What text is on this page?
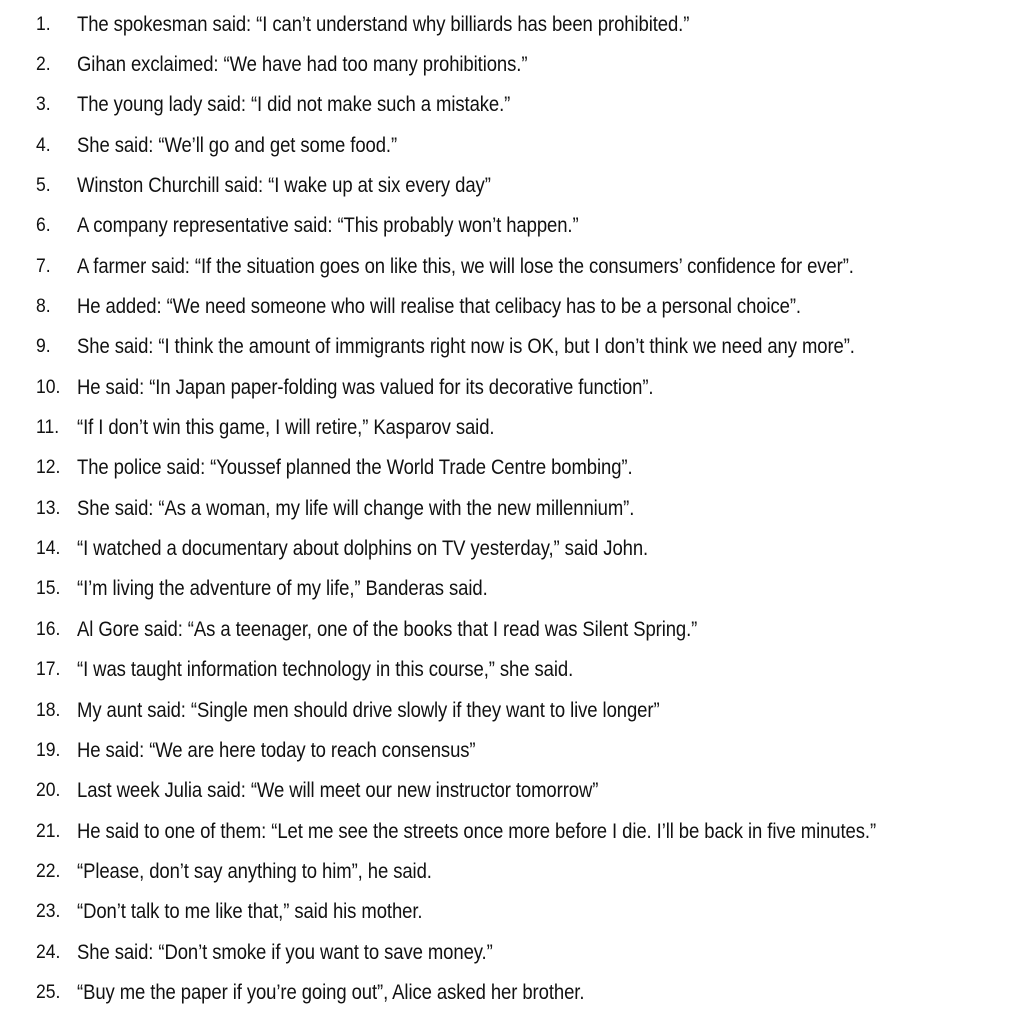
1.	The spokesman said: “I can’t understand why billiards has been prohibited.”
2.	Gihan exclaimed: “We have had too many prohibitions.”
3.	The young lady said: “I did not make such a mistake.”
4.	She said: “We’ll go and get some food.”
5.	Winston Churchill said: “I wake up at six every day”
6.	A company representative said: “This probably won’t happen.”
7.	A farmer said: “If the situation goes on like this, we will lose the consumers’ confidence for ever”.
8.	He added: “We need someone who will realise that celibacy has to be a personal choice”.
9.	She said: “I think the amount of immigrants right now is OK, but I don’t think we need any more”.
10. He said: “In Japan paper-folding was valued for its decorative function”.
11. “If I don’t win this game, I will retire,” Kasparov said.
12. The police said: “Youssef planned the World Trade Centre bombing”.
13. She said: “As a woman, my life will change with the new millennium”.
14. “I watched a documentary about dolphins on TV yesterday,” said John.
15. “I’m living the adventure of my life,” Banderas said.
16. Al Gore said: “As a teenager, one of the books that I read was Silent Spring.”
17. “I was taught information technology in this course,” she said.
18. My aunt said: “Single men should drive slowly if they want to live longer”
19. He said: “We are here today to reach consensus”
20. Last week Julia said: “We will meet our new instructor tomorrow”
21. He said to one of them: “Let me see the streets once more before I die. I’ll be back in five minutes.”
22. “Please, don’t say anything to him”, he said.
23. “Don’t talk to me like that,” said his mother.
24. She said: “Don’t smoke if you want to save money.”
25. “Buy me the paper if you’re going out”, Alice asked her brother.
